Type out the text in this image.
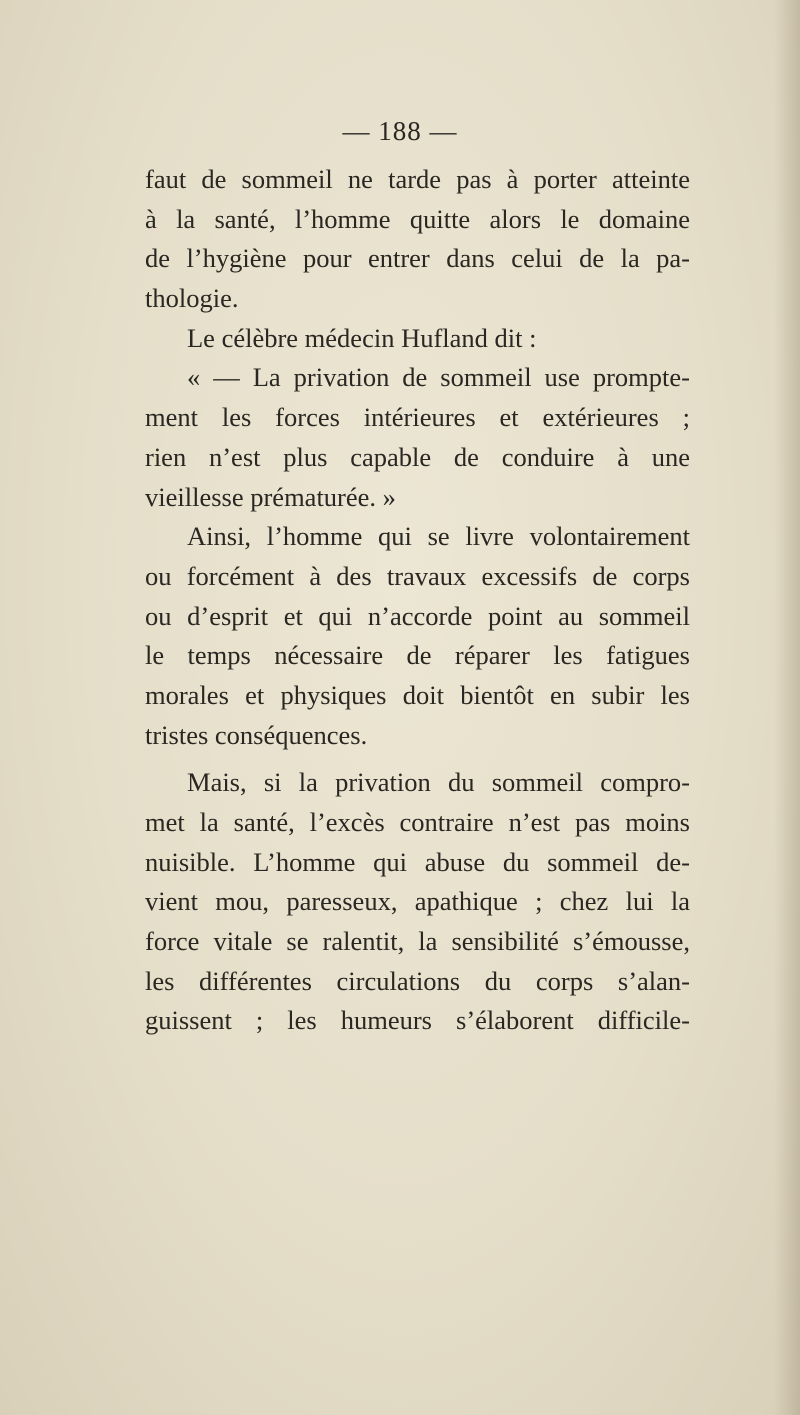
— 188 —
faut de sommeil ne tarde pas à porter atteinte
à la santé, l’homme quitte alors le domaine
de l’hygiène pour entrer dans celui de la pa-
thologie.
Le célèbre médecin Hufland dit :
« — La privation de sommeil use prompte-
ment les forces intérieures et extérieures ;
rien n’est plus capable de conduire à une
vieillesse prématurée. »
Ainsi, l’homme qui se livre volontairement
ou forcément à des travaux excessifs de corps
ou d’esprit et qui n’accorde point au sommeil
le temps nécessaire de réparer les fatigues
morales et physiques doit bientôt en subir les
tristes conséquences.
Mais, si la privation du sommeil compro-
met la santé, l’excès contraire n’est pas moins
nuisible. L’homme qui abuse du sommeil de-
vient mou, paresseux, apathique ; chez lui la
force vitale se ralentit, la sensibilité s’émousse,
les différentes circulations du corps s’alan-
guissent ; les humeurs s’élaborent difficile-
